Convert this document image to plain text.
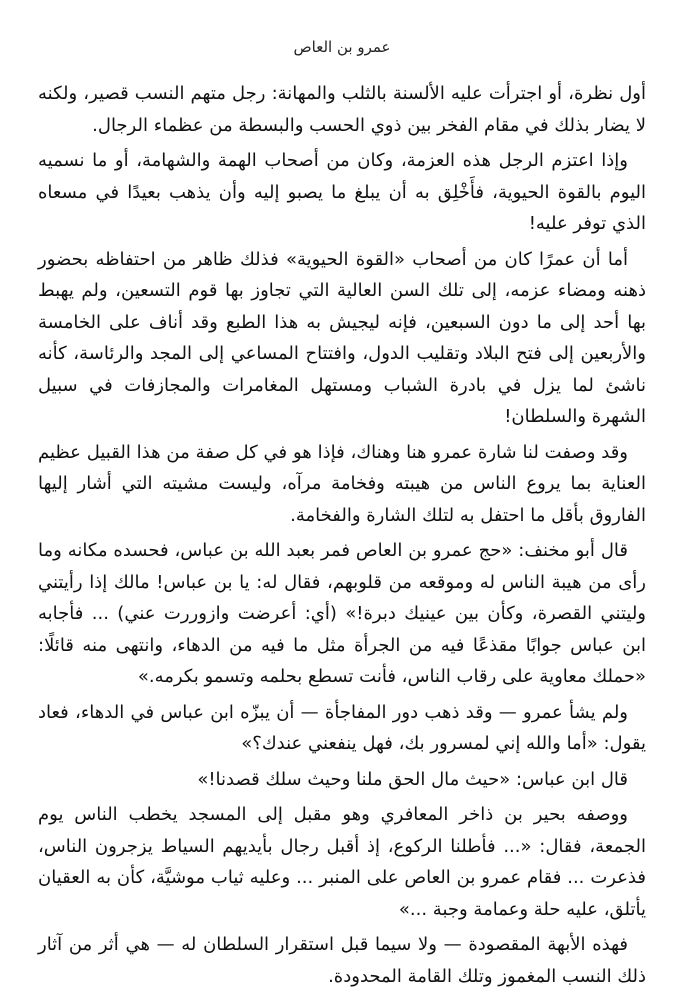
عمرو بن العاص

أول نظرة، أو اجترأت عليه الألسنة بالثلب والمهانة: رجل متهم النسب قصير، ولكنه لا يضار بذلك في مقام الفخر بين ذوي الحسب والبسطة من عظماء الرجال.

وإذا اعتزم الرجل هذه العزمة، وكان من أصحاب الهمة والشهامة، أو ما نسميه اليوم بالقوة الحيوية، فأَخْلِق به أن يبلغ ما يصبو إليه وأن يذهب بعيدًا في مسعاه الذي توفر عليه!

أما أن عمرًا كان من أصحاب «القوة الحيوية» فذلك ظاهر من احتفاظه بحضور ذهنه ومضاء عزمه، إلى تلك السن العالية التي تجاوز بها قوم التسعين، ولم يهبط بها أحد إلى ما دون السبعين، فإنه ليجيش به هذا الطبع وقد أناف على الخامسة والأربعين إلى فتح البلاد وتقليب الدول، وافتتاح المساعي إلى المجد والرئاسة، كأنه ناشئ لما يزل في بادرة الشباب ومستهل المغامرات والمجازفات في سبيل الشهرة والسلطان!

وقد وصفت لنا شارة عمرو هنا وهناك، فإذا هو في كل صفة من هذا القبيل عظيم العناية بما يروع الناس من هيبته وفخامة مرآه، وليست مشيته التي أشار إليها الفاروق بأقل ما احتفل به لتلك الشارة والفخامة.

قال أبو مخنف: «حج عمرو بن العاص فمر بعبد الله بن عباس، فحسده مكانه وما رأى من هيبة الناس له وموقعه من قلوبهم، فقال له: يا بن عباس! مالك إذا رأيتني وليتني القصرة، وكأن بين عينيك دبرة!» (أي: أعرضت وازوررت عني) ... فأجابه ابن عباس جوابًا مقذعًا فيه من الجرأة مثل ما فيه من الدهاء، وانتهى منه قائلًا: «حملك معاوية على رقاب الناس، فأنت تسطع بحلمه وتسمو بكرمه.»

ولم يشأ عمرو — وقد ذهب دور المفاجأة — أن يبزّه ابن عباس في الدهاء، فعاد يقول: «أما والله إني لمسرور بك، فهل ينفعني عندك؟»

قال ابن عباس: «حيث مال الحق ملنا وحيث سلك قصدنا!»

ووصفه بحير بن ذاخر المعافري وهو مقبل إلى المسجد يخطب الناس يوم الجمعة، فقال: «... فأطلنا الركوع، إذ أقبل رجال بأيديهم السياط يزجرون الناس، فذعرت ... فقام عمرو بن العاص على المنبر ... وعليه ثياب موشيَّة، كأن به العقيان يأتلق، عليه حلة وعمامة وجبة ...»

فهذه الأبهة المقصودة — ولا سيما قبل استقرار السلطان له — هي أثر من آثار ذلك النسب المغموز وتلك القامة المحدودة.
